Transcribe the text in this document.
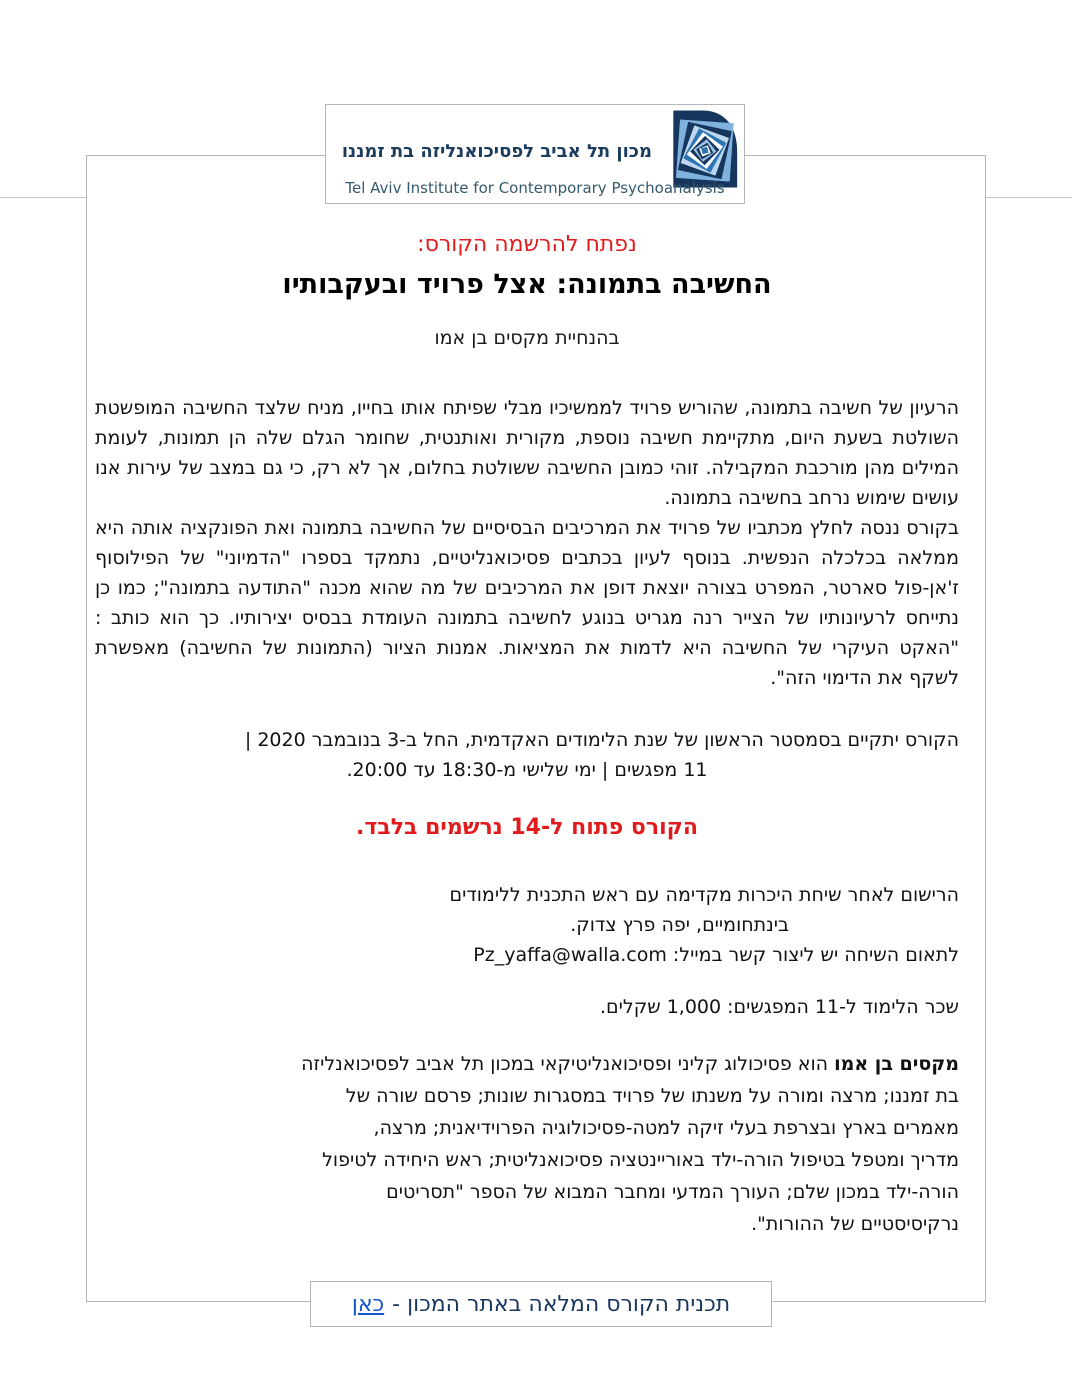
נפתח להרשמה הקורס:
החשיבה בתמונה: אצל פרויד ובעקבותיו
בהנחיית מקסים בן אמו

הרעיון של חשיבה בתמונה, שהוריש פרויד לממשיכיו מבלי שפיתח אותו בחייו, מניח שלצד החשיבה המופשטת השולטת בשעת היום, מתקיימת חשיבה נוספת, מקורית ואותנטית, שחומר הגלם שלה הן תמונות, לעומת המילים מהן מורכבת המקבילה. זוהי כמובן החשיבה ששולטת בחלום, אך לא רק, כי גם במצב של עירות אנו עושים שימוש נרחב בחשיבה בתמונה.

בקורס ננסה לחלץ מכתביו של פרויד את המרכיבים הבסיסיים של החשיבה בתמונה ואת הפונקציה אותה היא ממלאה בכלכלה הנפשית. בנוסף לעיון בכתבים פסיכואנליטיים, נתמקד בספרו "הדמיוני" של הפילוסוף ז'אן-פול סארטר, המפרט בצורה יוצאת דופן את המרכיבים של מה שהוא מכנה "התודעה בתמונה"; כמו כן נתייחס לרעיונותיו של הצייר רנה מגריט בנוגע לחשיבה בתמונה העומדת בבסיס יצירותיו. כך הוא כותב : "האקט העיקרי של החשיבה היא לדמות את המציאות. אמנות הציור (התמונות של החשיבה) מאפשרת לשקף את הדימוי הזה".

הקורס יתקיים בסמסטר הראשון של שנת הלימודים האקדמית, החל ב-3 בנובמבר 2020 |
11 מפגשים | ימי שלישי מ-18:30 עד 20:00.
הקורס פתוח ל-14 נרשמים בלבד.
הרישום לאחר שיחת היכרות מקדימה עם ראש התכנית ללימודים
בינתחומיים, יפה פרץ צדוק.
לתאום השיחה יש ליצור קשר במייל: Pz_yaffa@walla.com
שכר הלימוד ל-11 המפגשים: 1,000 שקלים.
מקסים בן אמו הוא פסיכולוג קליני ופסיכואנליטיקאי במכון תל אביב לפסיכואנליזה
בת זמננו; מרצה ומורה על משנתו של פרויד במסגרות שונות; פרסם שורה של
מאמרים בארץ ובצרפת בעלי זיקה למטה-פסיכולוגיה הפרוידיאנית; מרצה,
מדריך ומטפל בטיפול הורה-ילד באוריינטציה פסיכואנליטית; ראש היחידה לטיפול
הורה-ילד במכון שלם; העורך המדעי ומחבר המבוא של הספר "תסריטים
נרקיסיסטיים של ההורות".
מכון תל אביב לפסיכואנליזה בת זמננו
Tel Aviv Institute for Contemporary Psychoanalysis
תכנית הקורס המלאה באתר המכון -
כאן
